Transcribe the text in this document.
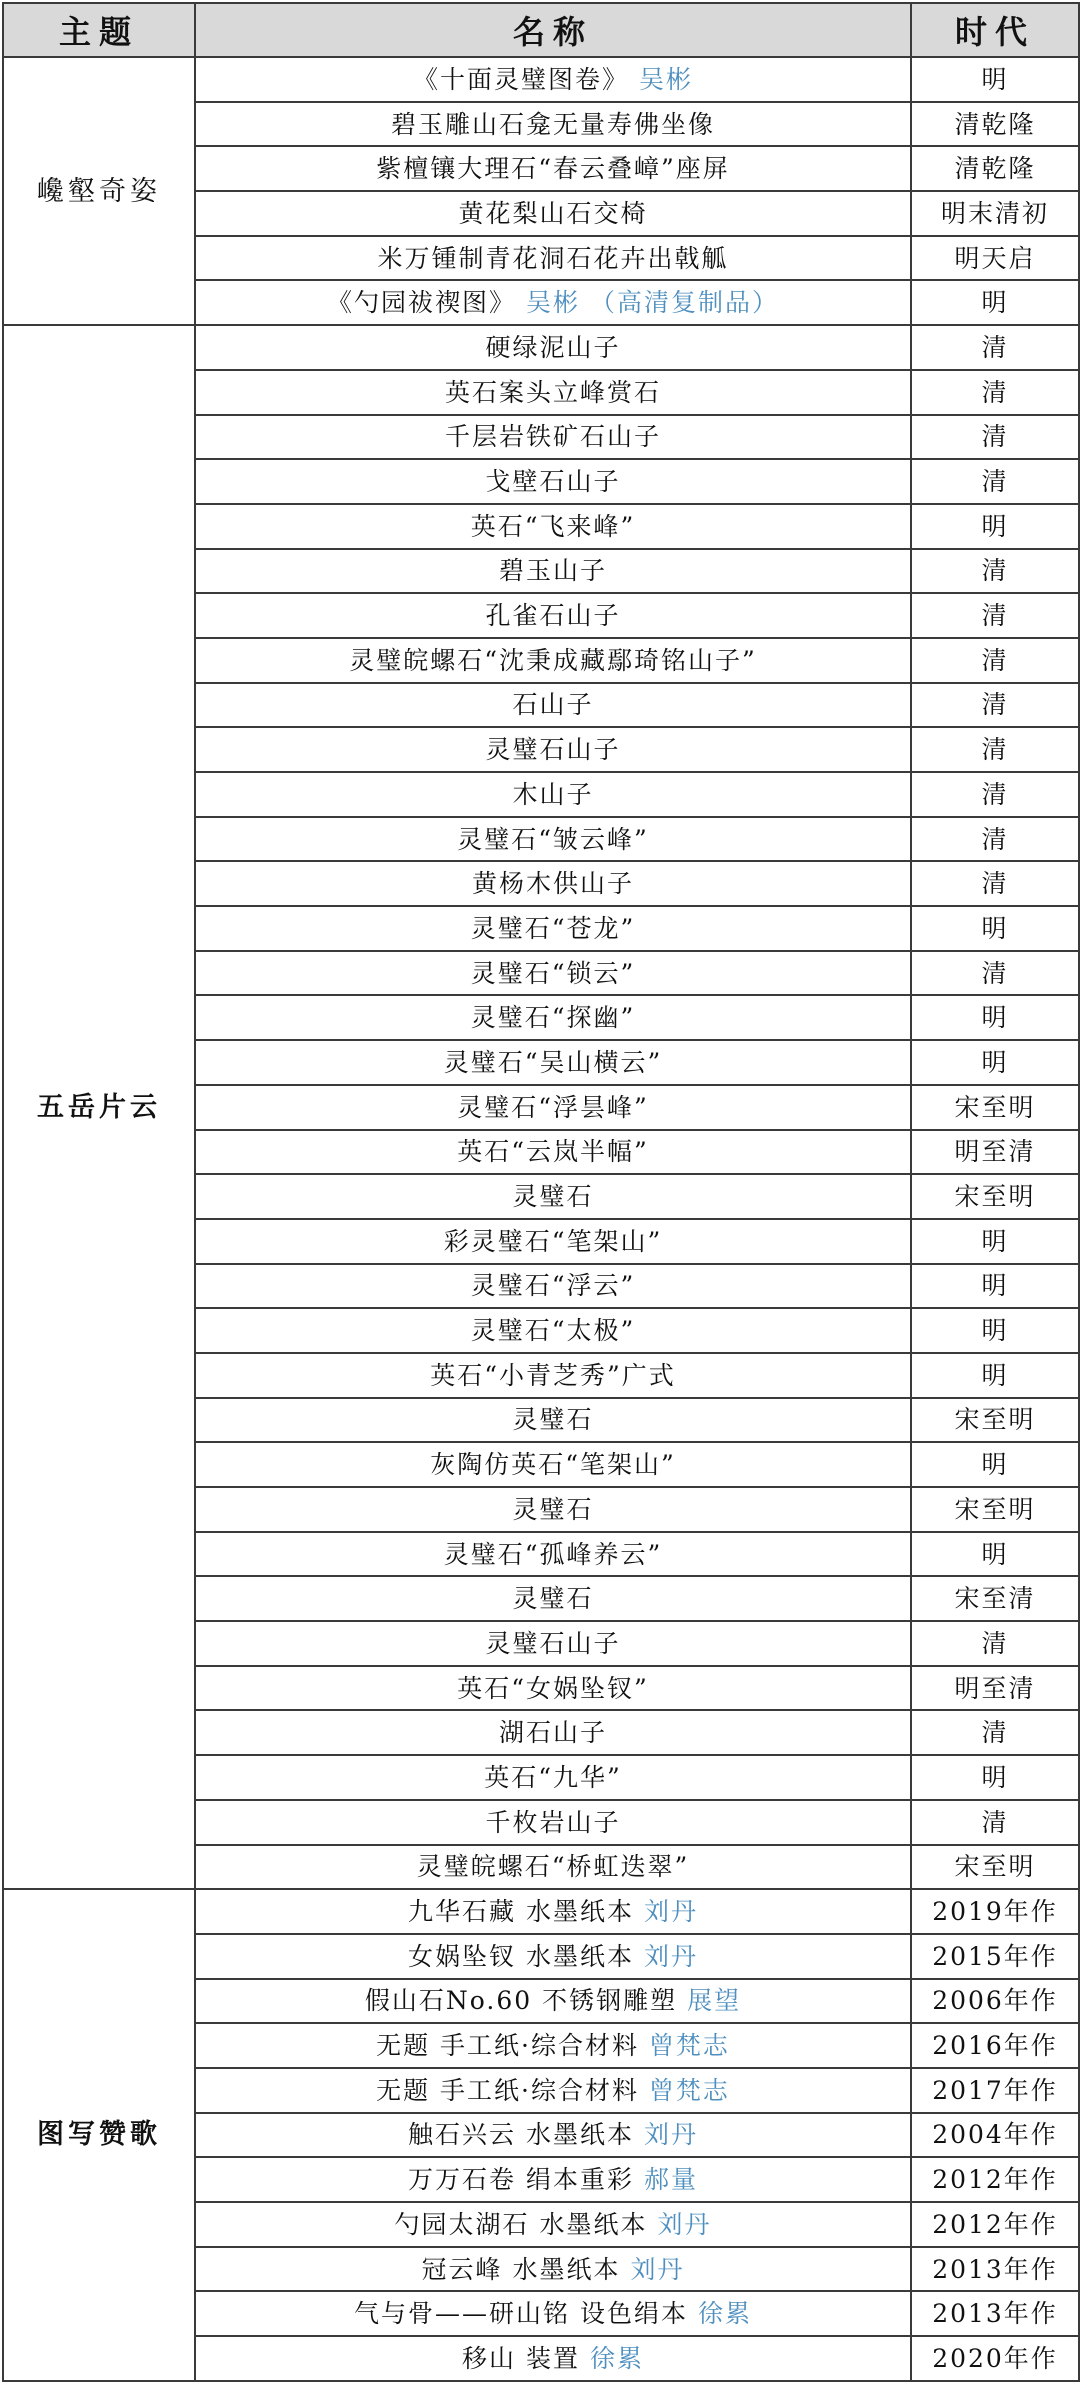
主题	名称	时代
巉壑奇姿	《十面灵璧图卷》 吴彬	明
	碧玉雕山石龛无量寿佛坐像	清乾隆
	紫檀镶大理石“春云叠嶂”座屏	清乾隆
	黄花梨山石交椅	明末清初
	米万锺制青花洞石花卉出戟觚	明天启
	《勺园祓禊图》 吴彬 （高清复制品）	明
五岳片云	硬绿泥山子	清
	英石案头立峰赏石	清
	千层岩铁矿石山子	清
	戈壁石山子	清
	英石“飞来峰”	明
	碧玉山子	清
	孔雀石山子	清
	灵璧皖螺石“沈秉成藏鄢琦铭山子”	清
	石山子	清
	灵璧石山子	清
	木山子	清
	灵璧石“皱云峰”	清
	黄杨木供山子	清
	灵璧石“苍龙”	明
	灵璧石“锁云”	清
	灵璧石“探幽”	明
	灵璧石“吴山横云”	明
	灵璧石“浮昙峰”	宋至明
	英石“云岚半幅”	明至清
	灵璧石	宋至明
	彩灵璧石“笔架山”	明
	灵璧石“浮云”	明
	灵璧石“太极”	明
	英石“小青芝秀”广式	明
	灵璧石	宋至明
	灰陶仿英石“笔架山”	明
	灵璧石	宋至明
	灵璧石“孤峰养云”	明
	灵璧石	宋至清
	灵璧石山子	清
	英石“女娲坠钗”	明至清
	湖石山子	清
	英石“九华”	明
	千枚岩山子	清
	灵璧皖螺石“桥虹迭翠”	宋至明
图写赞歌	九华石藏 水墨纸本 刘丹	2019年作
	女娲坠钗 水墨纸本 刘丹	2015年作
	假山石No.60 不锈钢雕塑 展望	2006年作
	无题 手工纸·综合材料 曾梵志	2016年作
	无题 手工纸·综合材料 曾梵志	2017年作
	触石兴云 水墨纸本 刘丹	2004年作
	万万石卷 绢本重彩 郝量	2012年作
	勺园太湖石 水墨纸本 刘丹	2012年作
	冠云峰 水墨纸本 刘丹	2013年作
	气与骨——研山铭 设色绢本 徐累	2013年作
	移山 装置 徐累	2020年作
